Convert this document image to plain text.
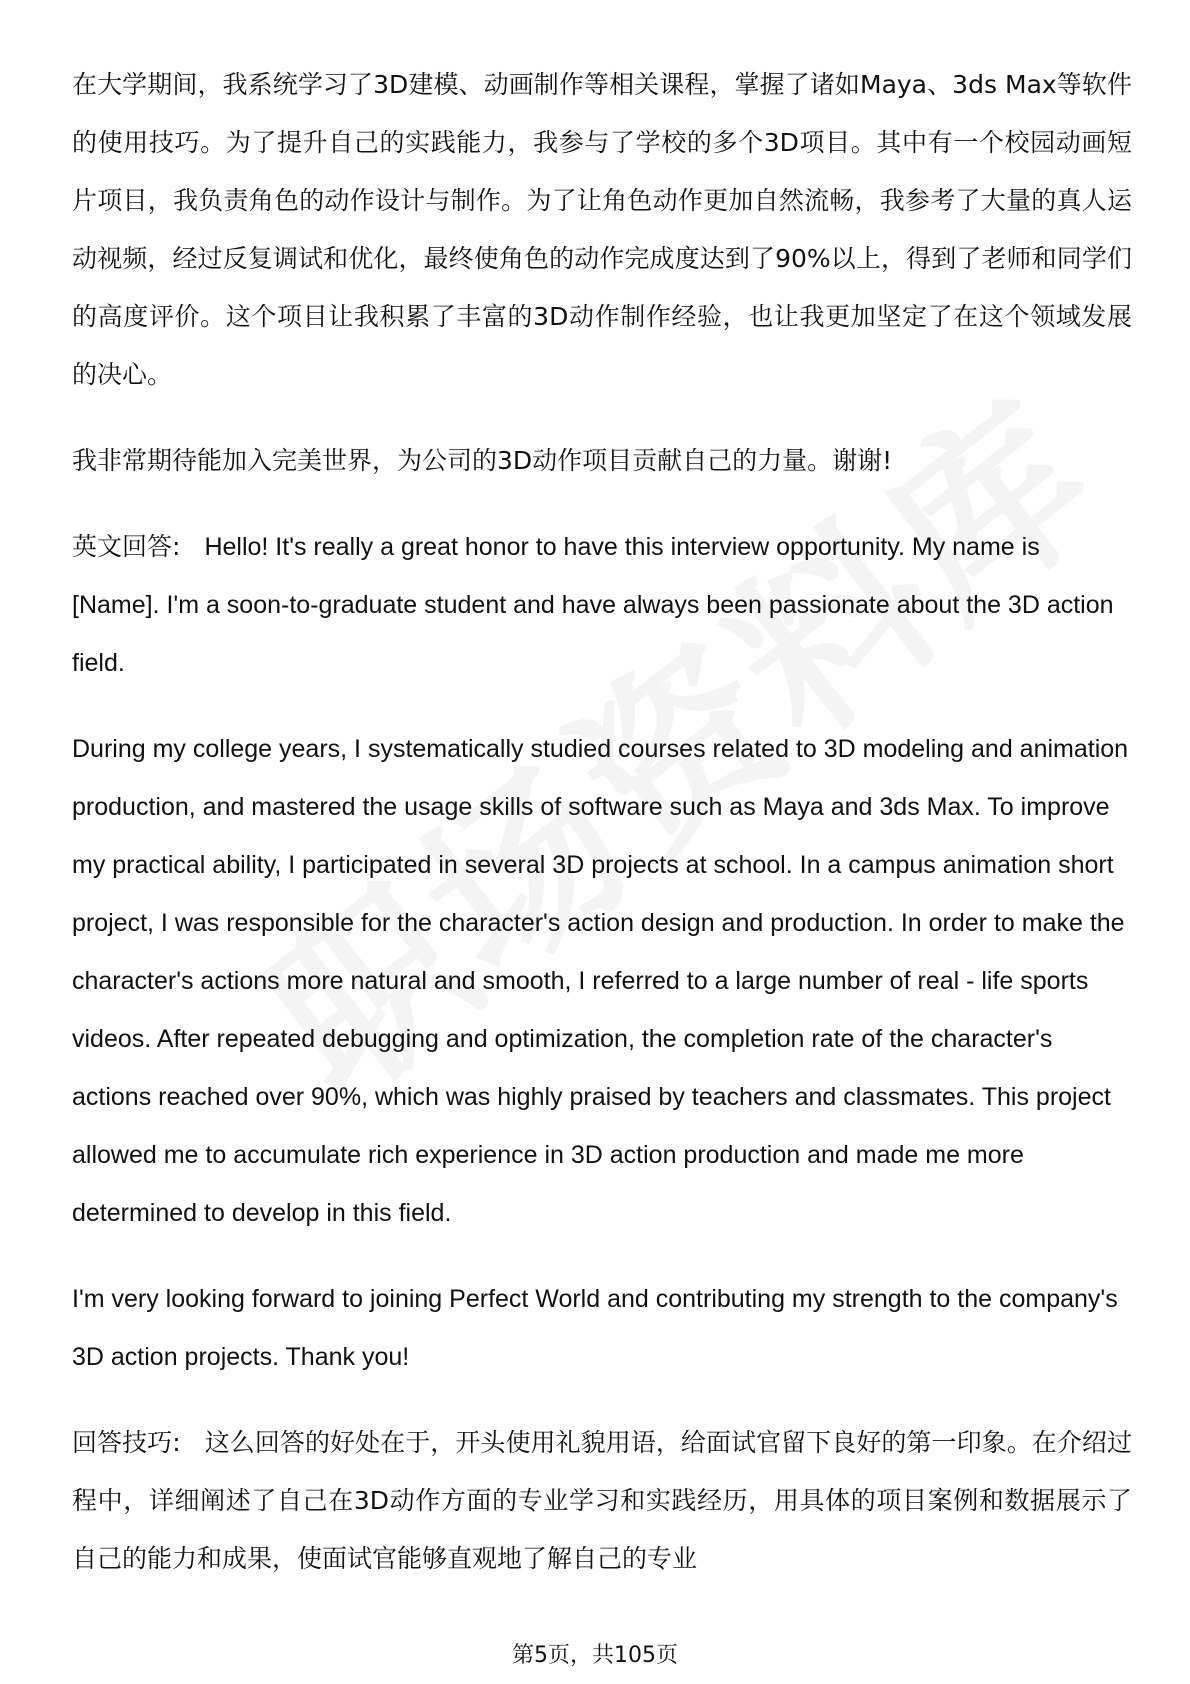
在大学期间，我系统学习了3D建模、动画制作等相关课程，掌握了诸如Maya、3ds Max等软件的使用技巧。为了提升自己的实践能力，我参与了学校的多个3D项目。其中有一个校园动画短片项目，我负责角色的动作设计与制作。为了让角色动作更加自然流畅，我参考了大量的真人运动视频，经过反复调试和优化，最终使角色的动作完成度达到了90%以上，得到了老师和同学们的高度评价。这个项目让我积累了丰富的3D动作制作经验，也让我更加坚定了在这个领域发展的决心。

我非常期待能加入完美世界，为公司的3D动作项目贡献自己的力量。谢谢!

英文回答: Hello! It's really a great honor to have this interview opportunity. My name is [Name]. I'm a soon-to-graduate student and have always been passionate about the 3D action field.

During my college years, I systematically studied courses related to 3D modeling and animation production, and mastered the usage skills of software such as Maya and 3ds Max. To improve my practical ability, I participated in several 3D projects at school. In a campus animation short project, I was responsible for the character's action design and production. In order to make the character's actions more natural and smooth, I referred to a large number of real - life sports videos. After repeated debugging and optimization, the completion rate of the character's actions reached over 90%, which was highly praised by teachers and classmates. This project allowed me to accumulate rich experience in 3D action production and made me more determined to develop in this field.

I'm very looking forward to joining Perfect World and contributing my strength to the company's 3D action projects. Thank you!

回答技巧: 这么回答的好处在于，开头使用礼貌用语，给面试官留下良好的第一印象。在介绍过程中，详细阐述了自己在3D动作方面的专业学习和实践经历，用具体的项目案例和数据展示了自己的能力和成果，使面试官能够直观地了解自己的专业

第5页，共105页
